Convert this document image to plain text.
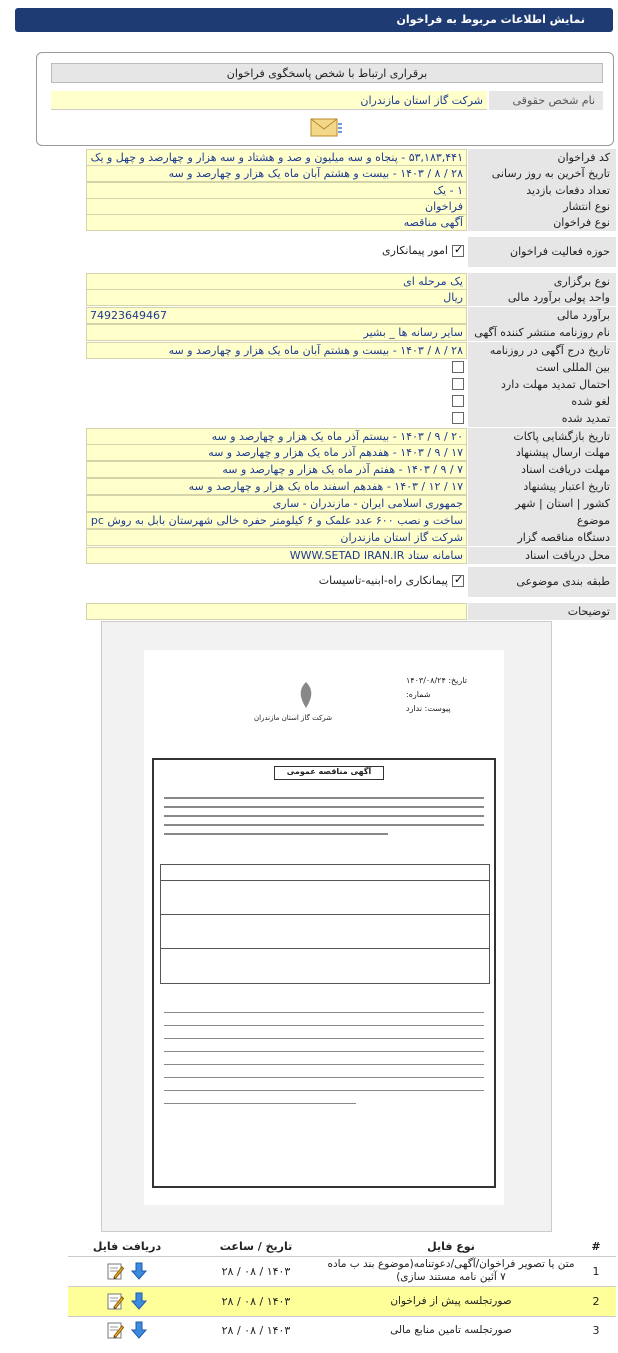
نمایش اطلاعات مربوط به فراخوان
برقراری ارتباط با شخص پاسخگوی فراخوان
نام شخص حقوقی
شرکت گاز استان مازندران
۵۳,۱۸۳,۴۴۱ - پنجاه و سه میلیون و صد و هشتاد و سه هزار و چهارصد و چهل و یک	کد فراخوان
۲۸ / ۸ / ۱۴۰۳ - بیست و هشتم آبان ماه یک هزار و چهارصد و سه	تاریخ آخرین به روز رسانی
۱ - یک	تعداد دفعات بازدید
فراخوان	نوع انتشار
آگهی مناقصه	نوع فراخوان
✓امور پیمانکاری	حوزه فعالیت فراخوان
یک مرحله ای	نوع برگزاری
ریال	واحد پولی برآورد مالی
74923649467	برآورد مالی
سایر رسانه ها _ بشیر	نام روزنامه منتشر کننده آگهی
۲۸ / ۸ / ۱۴۰۳ - بیست و هشتم آبان ماه یک هزار و چهارصد و سه	تاریخ درج آگهی در روزنامه
بین المللی است
احتمال تمدید مهلت دارد
لغو شده
تمدید شده
۲۰ / ۹ / ۱۴۰۳ - بیستم آذر ماه یک هزار و چهارصد و سه	تاریخ بازگشایی پاکات
۱۷ / ۹ / ۱۴۰۳ - هفدهم آذر ماه یک هزار و چهارصد و سه	مهلت ارسال پیشنهاد
۷ / ۹ / ۱۴۰۳ - هفتم آذر ماه یک هزار و چهارصد و سه	مهلت دریافت اسناد
۱۷ / ۱۲ / ۱۴۰۳ - هفدهم اسفند ماه یک هزار و چهارصد و سه	تاریخ اعتبار پیشنهاد
جمهوری اسلامی ایران - مازندران - ساری	کشور | استان | شهر
ساخت و نصب ۶۰۰ عدد علمک و ۶ کیلومتر حفره خالی شهرستان بابل به روش pc	موضوع
شرکت گاز استان مازندران	دستگاه مناقصه گزار
سامانه ستاد WWW.SETAD IRAN.IR	محل دریافت اسناد
✓پیمانکاری راه-ابنیه-تاسیسات	طبقه بندی موضوعی
توضیحات
تاریخ: ۱۴۰۳/۰۸/۲۴
شماره:
پیوست: ندارد
شرکت گاز استان مازندران
آگهی مناقصه عمومی
#	نوع فایل	تاریخ / ساعت	دریافت فایل
1	متن یا تصویر فراخوان/آگهی/دعوتنامه(موضوع بند ب ماده ۷ آئین نامه مستند سازی)	۱۴۰۳ / ۰۸ / ۲۸	
2	صورتجلسه پیش از فراخوان	۱۴۰۳ / ۰۸ / ۲۸	
3	صورتجلسه تامین منابع مالی	۱۴۰۳ / ۰۸ / ۲۸	
